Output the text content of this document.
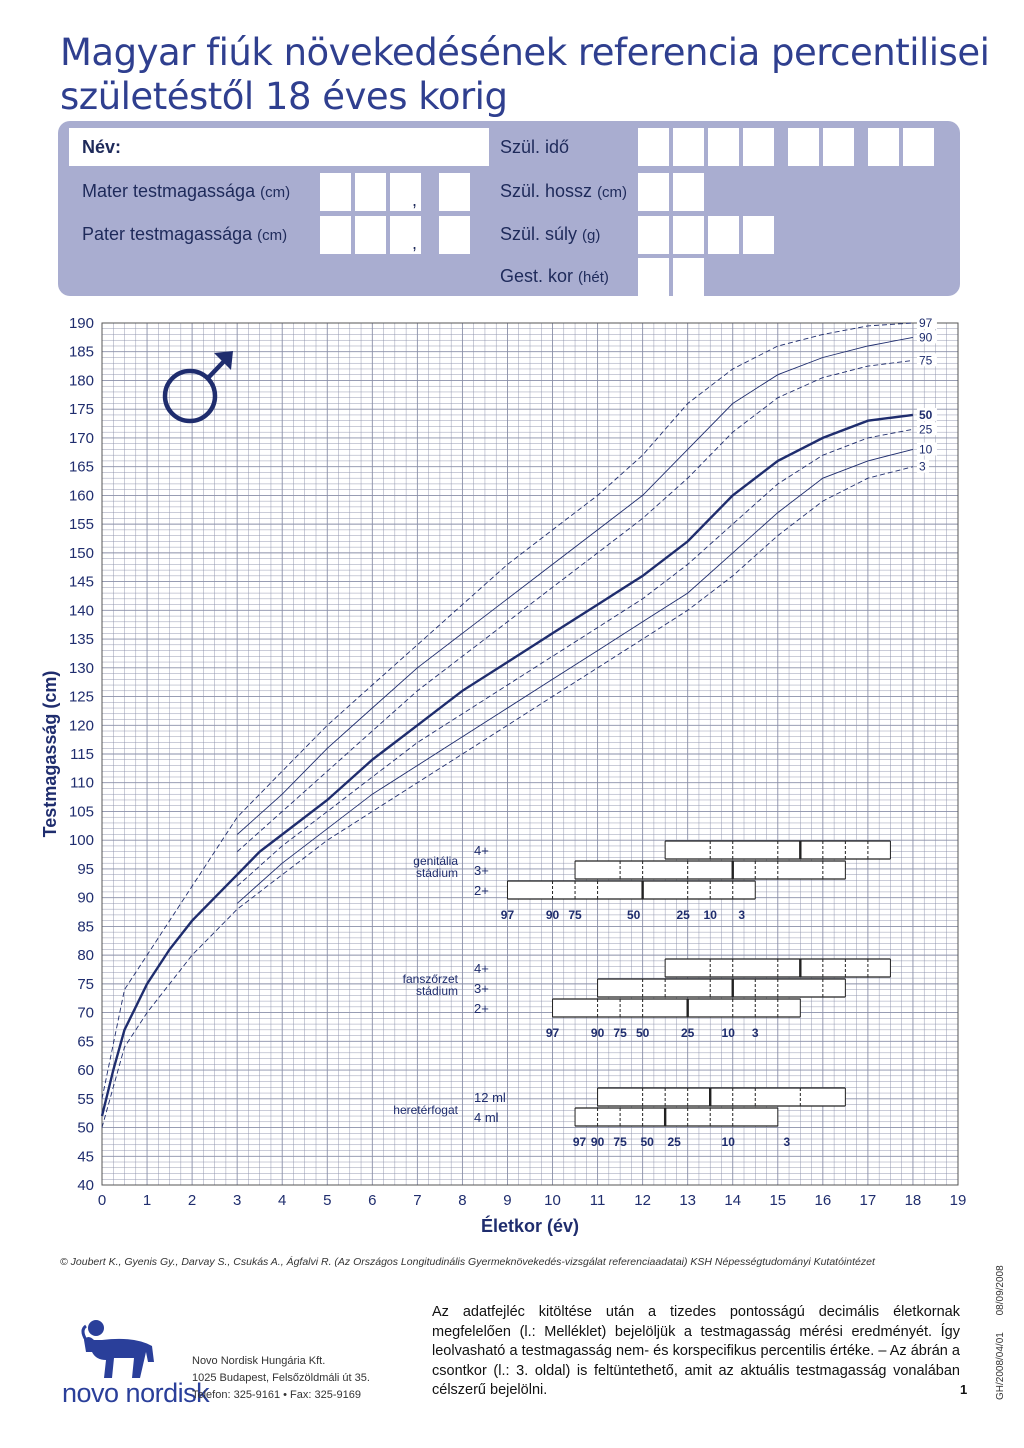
Magyar fiúk növekedésének referencia percentilisei
születéstől 18 éves korig
Név:
Mater testmagassága (cm)	,
Pater testmagassága (cm)	,
Szül. idő
Szül. hossz (cm)
Szül. súly (g)
Gest. kor (hét)
40
45
50
55
60
65
70
75
80
85
90
95
100
105
110
115
120
125
130
135
140
145
150
155
160
165
170
175
180
185
190
0 1 2 3 4 5 6 7 8 9 10 11 12 13 14 15 16 17 18 19
Életkor (év)
Testmagasság (cm)
97
90
75
50
25
10
3
genitália
stádium
4+
3+
2+
97	90 75	50	25 10 3
fanszőrzet
stádium
4+
3+
2+
97	90 75 50	25 10 3
heretérfogat
12 ml
4 ml
97 90 75 50 25	10	3
© Joubert K., Gyenis Gy., Darvay S., Csukás A., Ágfalvi R. (Az Országos Longitudinális Gyermeknövekedés-vizsgálat referenciaadatai) KSH Népességtudományi Kutatóintézet
novo nordisk
Novo Nordisk Hungária Kft.
1025 Budapest, Felsőzöldmáli út 35.
Telefon: 325-9161 • Fax: 325-9169
Az adatfejléc kitöltése után a tizedes pontosságú decimális életkornak megfelelően (l.: Melléklet) bejelöljük a testmagasság mérési eredményét. Így leolvasható a testmagasság nem- és korspecifikus percentilis értéke. – Az ábrán a csontkor (l.: 3. oldal) is feltüntethető, amit az aktuális testmagasság vonalában célszerű bejelölni.	GH/2008/04/01 08/09/2008
1
